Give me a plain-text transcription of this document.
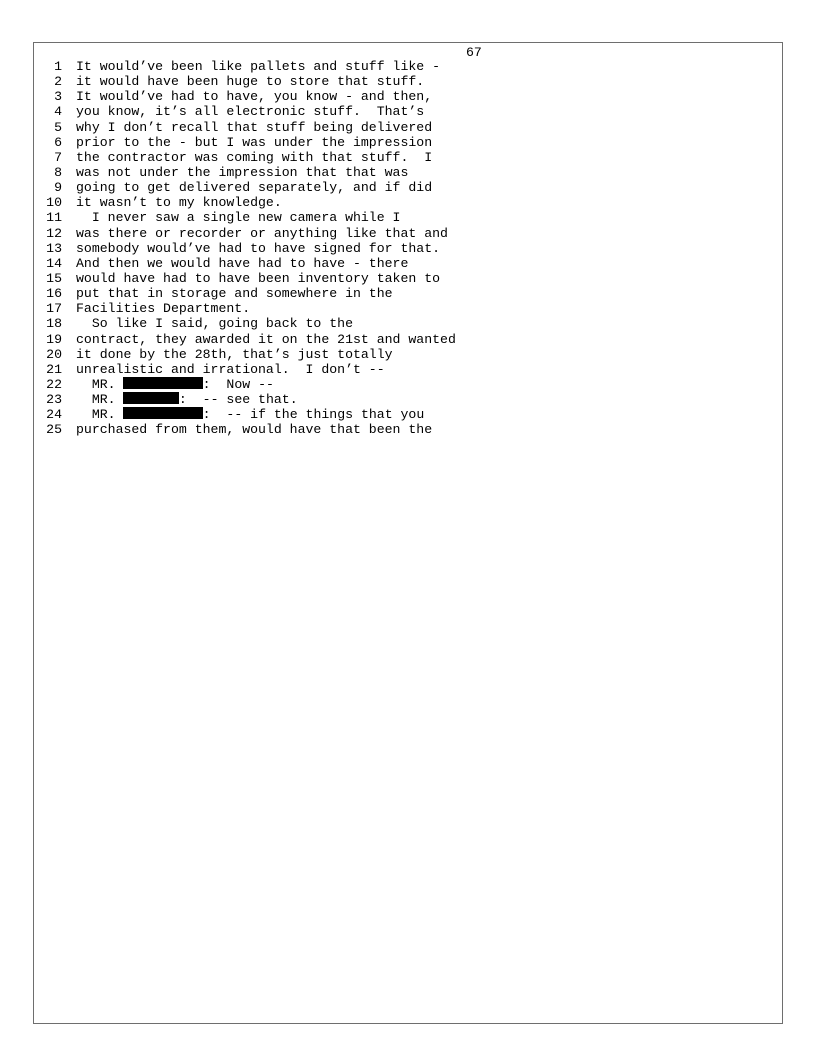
67
1 It would’ve been like pallets and stuff like -
2 it would have been huge to store that stuff.
3 It would’ve had to have, you know - and then,
4 you know, it’s all electronic stuff.  That’s
5 why I don’t recall that stuff being delivered
6 prior to the - but I was under the impression
7 the contractor was coming with that stuff.  I
8 was not under the impression that that was
9 going to get delivered separately, and if did
10 it wasn’t to my knowledge.
11 I never saw a single new camera while I
12 was there or recorder or anything like that and
13 somebody would’ve had to have signed for that.
14 And then we would have had to have - there
15 would have had to have been inventory taken to
16 put that in storage and somewhere in the
17 Facilities Department.
18 So like I said, going back to the
19 contract, they awarded it on the 21st and wanted
20 it done by the 28th, that’s just totally
21 unrealistic and irrational.  I don’t --
22 MR.	:  Now --
23 MR.	:  -- see that.
24 MR.	:  -- if the things that you
25 purchased from them, would have that been the
